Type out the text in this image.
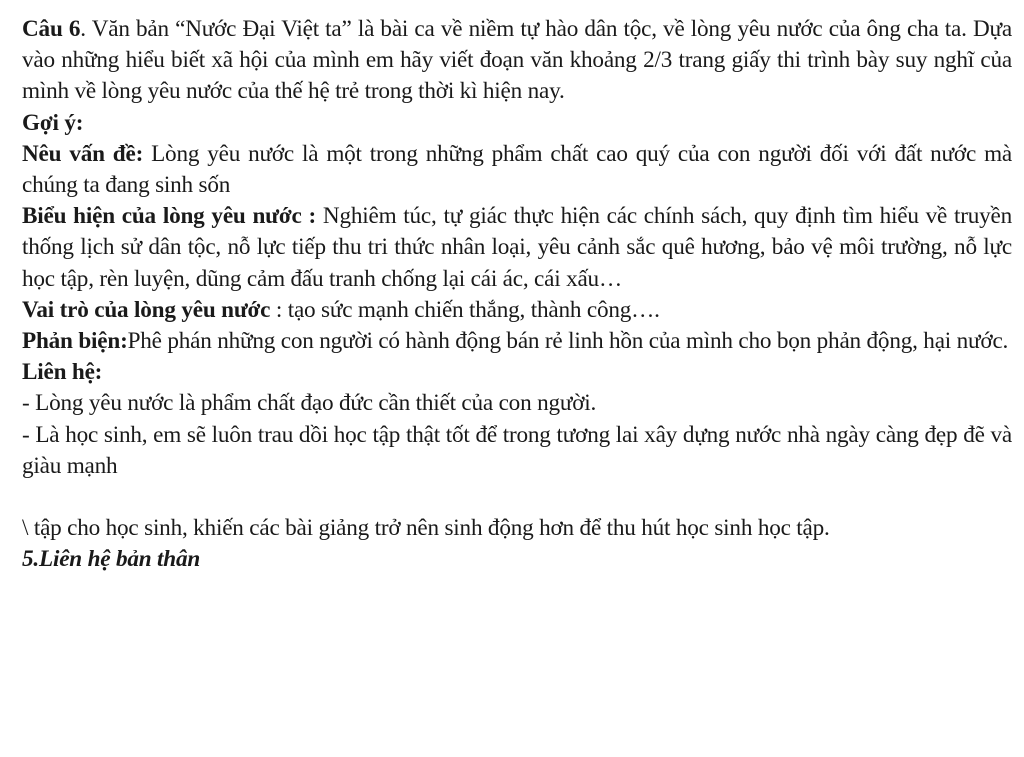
Câu 6. Văn bản “Nước Đại Việt ta” là bài ca về niềm tự hào dân tộc, về lòng yêu nước của ông cha ta. Dựa vào những hiểu biết xã hội của mình em hãy viết đoạn văn khoảng 2/3 trang giấy thi trình bày suy nghĩ của mình về lòng yêu nước của thế hệ trẻ trong thời kì hiện nay.

Gợi ý:

Nêu vấn đề: Lòng yêu nước là một trong những phẩm chất cao quý của con người đối với đất nước mà chúng ta đang sinh sốn

Biểu hiện của lòng yêu nước : Nghiêm túc, tự giác thực hiện các chính sách, quy định tìm hiểu về truyền thống lịch sử dân tộc, nỗ lực tiếp thu tri thức nhân loại, yêu cảnh sắc quê hương, bảo vệ môi trường, nỗ lực học tập, rèn luyện, dũng cảm đấu tranh chống lại cái ác, cái xấu…

Vai trò của lòng yêu nước : tạo sức mạnh chiến thắng, thành công….

Phản biện:Phê phán những con người có hành động bán rẻ linh hồn của mình cho bọn phản động, hại nước.

Liên hệ:

- Lòng yêu nước là phẩm chất đạo đức cần thiết của con người.

- Là học sinh, em sẽ luôn trau dồi học tập thật tốt để trong tương lai xây dựng nước nhà ngày càng đẹp đẽ và giàu mạnh

\ tập cho học sinh, khiến các bài giảng trở nên sinh động hơn để thu hút học sinh học tập.

5.Liên hệ bản thân
